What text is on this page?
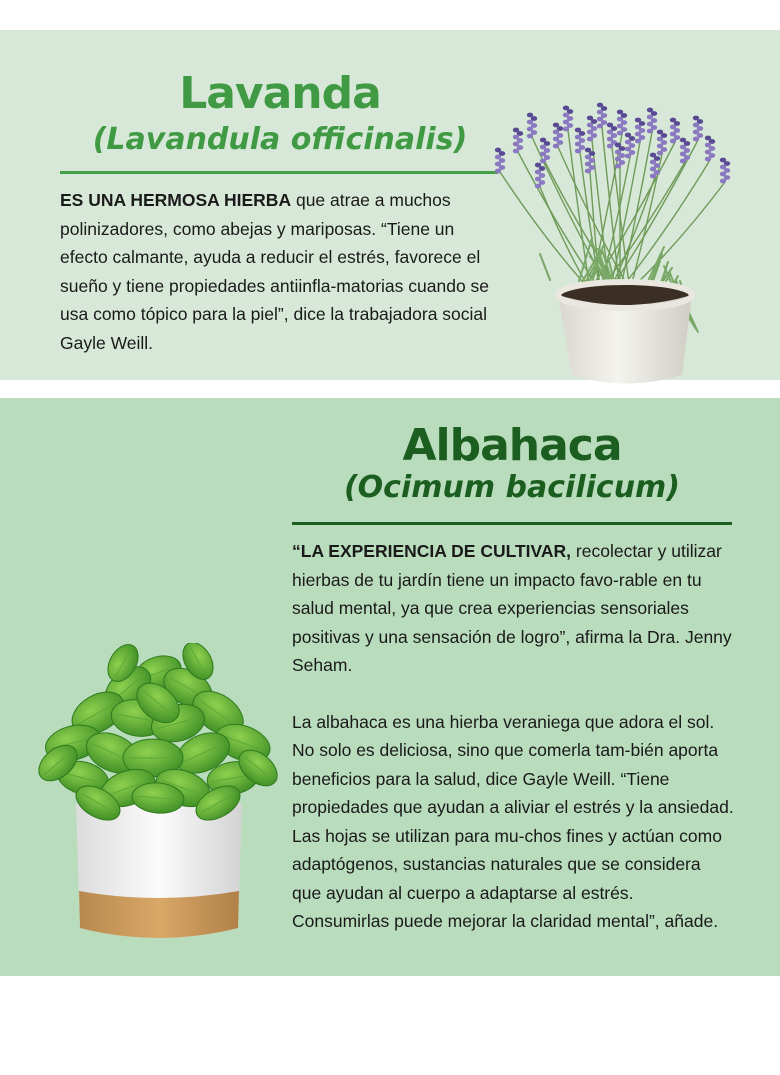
Lavanda
(Lavandula officinalis)

ES UNA HERMOSA HIERBA que atrae a muchos polinizadores, como abejas y mariposas. “Tiene un efecto calmante, ayuda a reducir el estrés, favorece el sueño y tiene propiedades antiinfla-matorias cuando se usa como tópico para la piel”, dice la trabajadora social Gayle Weill.

Albahaca
(Ocimum bacilicum)

“LA EXPERIENCIA DE CULTIVAR, recolectar y utilizar hierbas de tu jardín tiene un impacto favo-rable en tu salud mental, ya que crea experiencias sensoriales positivas y una sensación de logro”, afirma la Dra. Jenny Seham.

La albahaca es una hierba veraniega que adora el sol. No solo es deliciosa, sino que comerla tam-bién aporta beneficios para la salud, dice Gayle Weill. “Tiene propiedades que ayudan a aliviar el estrés y la ansiedad. Las hojas se utilizan para mu-chos fines y actúan como adaptógenos, sustancias naturales que se considera que ayudan al cuerpo a adaptarse al estrés. Consumirlas puede mejorar la claridad mental”, añade.
